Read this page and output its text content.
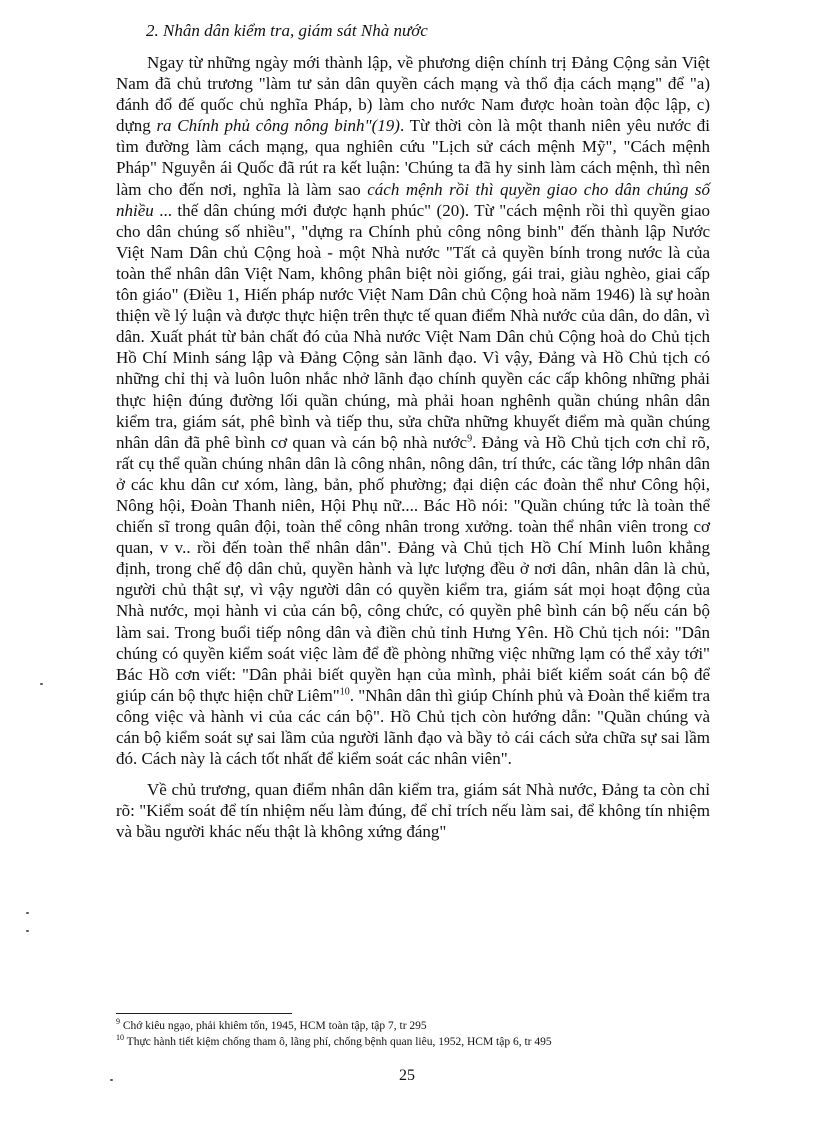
2. Nhân dân kiểm tra, giám sát Nhà nước

Ngay từ những ngày mới thành lập, về phương diện chính trị Đảng Cộng sản Việt Nam đã chủ trương "làm tư sản dân quyền cách mạng và thổ địa cách mạng" để "a) đánh đổ đế quốc chủ nghĩa Pháp, b) làm cho nước Nam được hoàn toàn độc lập, c) dựng ra Chính phủ công nông binh"(19). Từ thời còn là một thanh niên yêu nước đi tìm đường làm cách mạng, qua nghiên cứu "Lịch sử cách mệnh Mỹ", "Cách mệnh Pháp" Nguyễn ái Quốc đã rút ra kết luận: 'Chúng ta đã hy sinh làm cách mệnh, thì nên làm cho đến nơi, nghĩa là làm sao cách mệnh rồi thì quyền giao cho dân chúng số nhiều ... thế dân chúng mới được hạnh phúc" (20). Từ "cách mệnh rồi thì quyền giao cho dân chúng số nhiều", "dựng ra Chính phủ công nông binh" đến thành lập Nước Việt Nam Dân chủ Cộng hoà - một Nhà nước "Tất cả quyền bính trong nước là của toàn thể nhân dân Việt Nam, không phân biệt nòi giống, gái trai, giàu nghèo, giai cấp tôn giáo" (Điều 1, Hiến pháp nước Việt Nam Dân chủ Cộng hoà năm 1946) là sự hoàn thiện về lý luận và được thực hiện trên thực tế quan điểm Nhà nước của dân, do dân, vì dân. Xuất phát từ bản chất đó của Nhà nước Việt Nam Dân chủ Cộng hoà do Chủ tịch Hồ Chí Minh sáng lập và Đảng Cộng sản lãnh đạo. Vì vậy, Đảng và Hồ Chủ tịch có những chỉ thị và luôn luôn nhắc nhở lãnh đạo chính quyền các cấp không những phải thực hiện đúng đường lối quần chúng, mà phải hoan nghênh quần chúng nhân dân kiểm tra, giám sát, phê bình và tiếp thu, sửa chữa những khuyết điểm mà quần chúng nhân dân đã phê bình cơ quan và cán bộ nhà nước$^9$. Đảng và Hồ Chủ tịch cơn chỉ rõ, rất cụ thể quần chúng nhân dân là công nhân, nông dân, trí thức, các tầng lớp nhân dân ở các khu dân cư xóm, làng, bản, phố phường; đại diện các đoàn thể như Công hội, Nông hội, Đoàn Thanh niên, Hội Phụ nữ.... Bác Hồ nói: "Quần chúng tức là toàn thể chiến sĩ trong quân đội, toàn thể công nhân trong xưởng. toàn thể nhân viên trong cơ quan, v v.. rồi đến toàn thể nhân dân". Đảng và Chủ tịch Hồ Chí Minh luôn khẳng định, trong chế độ dân chủ, quyền hành và lực lượng đều ở nơi dân, nhân dân là chủ, người chủ thật sự, vì vậy người dân có quyền kiểm tra, giám sát mọi hoạt động của Nhà nước, mọi hành vi của cán bộ, công chức, có quyền phê bình cán bộ nếu cán bộ làm sai. Trong buổi tiếp nông dân và điền chủ tỉnh Hưng Yên. Hồ Chủ tịch nói: "Dân chúng có quyền kiểm soát việc làm để đề phòng những việc những lạm có thể xảy tới" Bác Hồ cơn viết: "Dân phải biết quyền hạn của mình, phải biết kiểm soát cán bộ để giúp cán bộ thực hiện chữ Liêm"$^{10}$. "Nhân dân thì giúp Chính phủ và Đoàn thể kiểm tra công việc và hành vi của các cán bộ". Hồ Chủ tịch còn hướng dẫn: "Quần chúng và cán bộ kiểm soát sự sai lầm của người lãnh đạo và bầy tỏ cái cách sửa chữa sự sai lầm đó. Cách này là cách tốt nhất để kiểm soát các nhân viên".

Về chủ trương, quan điểm nhân dân kiểm tra, giám sát Nhà nước, Đảng ta còn chỉ rõ: "Kiểm soát để tín nhiệm nếu làm đúng, để chỉ trích nếu làm sai, để không tín nhiệm và bầu người khác nếu thật là không xứng đáng"

$^9$ Chớ kiêu ngạo, phải khiêm tốn, 1945, HCM toàn tập, tập 7, tr 295
$^{10}$ Thực hành tiết kiệm chống tham ô, lãng phí, chống bệnh quan liêu, 1952, HCM tập 6, tr 495
25
